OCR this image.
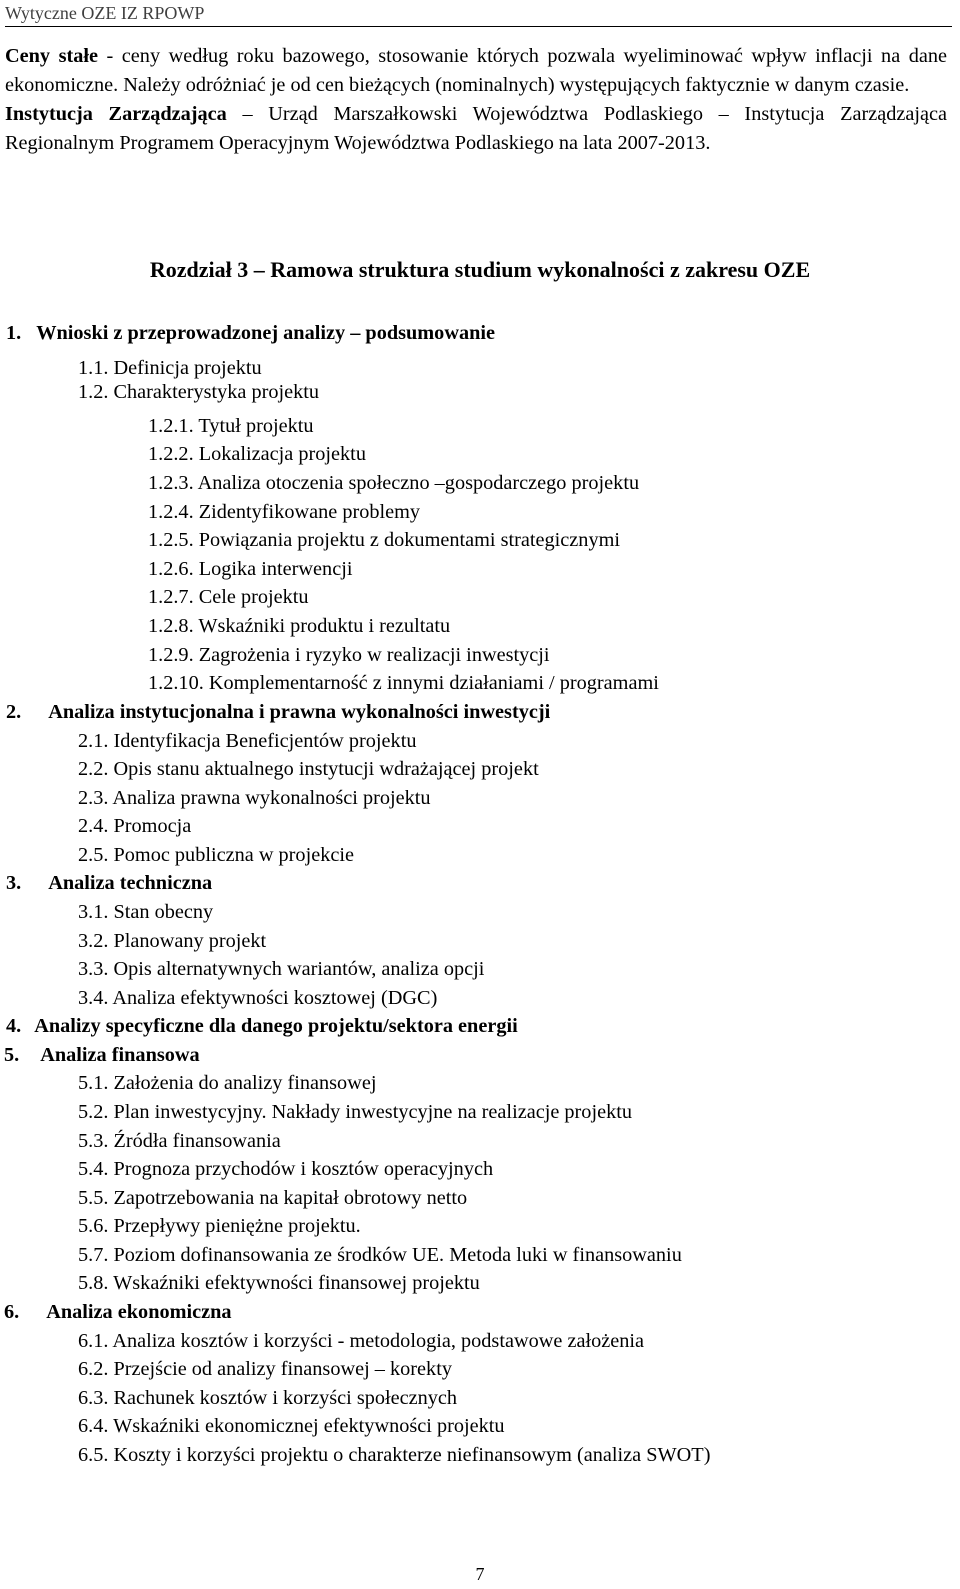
Wytyczne OZE IZ RPOWP

Ceny stałe - ceny według roku bazowego, stosowanie których pozwala wyeliminować wpływ inflacji na dane ekonomiczne. Należy odróżniać je od cen bieżących (nominalnych) występujących faktycznie w danym czasie.

Instytucja Zarządzająca – Urząd Marszałkowski Województwa Podlaskiego – Instytucja Zarządzająca Regionalnym Programem Operacyjnym Województwa Podlaskiego na lata 2007-2013.

Rozdział 3 – Ramowa struktura studium wykonalności z zakresu OZE
1. Wnioski z przeprowadzonej analizy – podsumowanie
1.1. Definicja projektu
1.2. Charakterystyka projektu
1.2.1. Tytuł projektu
1.2.2. Lokalizacja projektu
1.2.3. Analiza otoczenia społeczno –gospodarczego projektu
1.2.4. Zidentyfikowane problemy
1.2.5. Powiązania projektu z dokumentami strategicznymi
1.2.6. Logika interwencji
1.2.7. Cele projektu
1.2.8. Wskaźniki produktu i rezultatu
1.2.9. Zagrożenia i ryzyko w realizacji inwestycji
1.2.10. Komplementarność z innymi działaniami / programami
2. Analiza instytucjonalna i prawna wykonalności inwestycji
2.1. Identyfikacja Beneficjentów projektu
2.2. Opis stanu aktualnego instytucji wdrażającej projekt
2.3. Analiza prawna wykonalności projektu
2.4. Promocja
2.5. Pomoc publiczna w projekcie
3. Analiza techniczna
3.1. Stan obecny
3.2. Planowany projekt
3.3. Opis alternatywnych wariantów, analiza opcji
3.4. Analiza efektywności kosztowej (DGC)
4. Analizy specyficzne dla danego projektu/sektora energii
5. Analiza finansowa
5.1. Założenia do analizy finansowej
5.2. Plan inwestycyjny. Nakłady inwestycyjne na realizacje projektu
5.3. Źródła finansowania
5.4. Prognoza przychodów i kosztów operacyjnych
5.5. Zapotrzebowania na kapitał obrotowy netto
5.6. Przepływy pieniężne projektu.
5.7. Poziom dofinansowania ze środków UE. Metoda luki w finansowaniu
5.8. Wskaźniki efektywności finansowej projektu
6. Analiza ekonomiczna
6.1. Analiza kosztów i korzyści - metodologia, podstawowe założenia
6.2. Przejście od analizy finansowej – korekty
6.3. Rachunek kosztów i korzyści społecznych
6.4. Wskaźniki ekonomicznej efektywności projektu
6.5. Koszty i korzyści projektu o charakterze niefinansowym (analiza SWOT)
7
